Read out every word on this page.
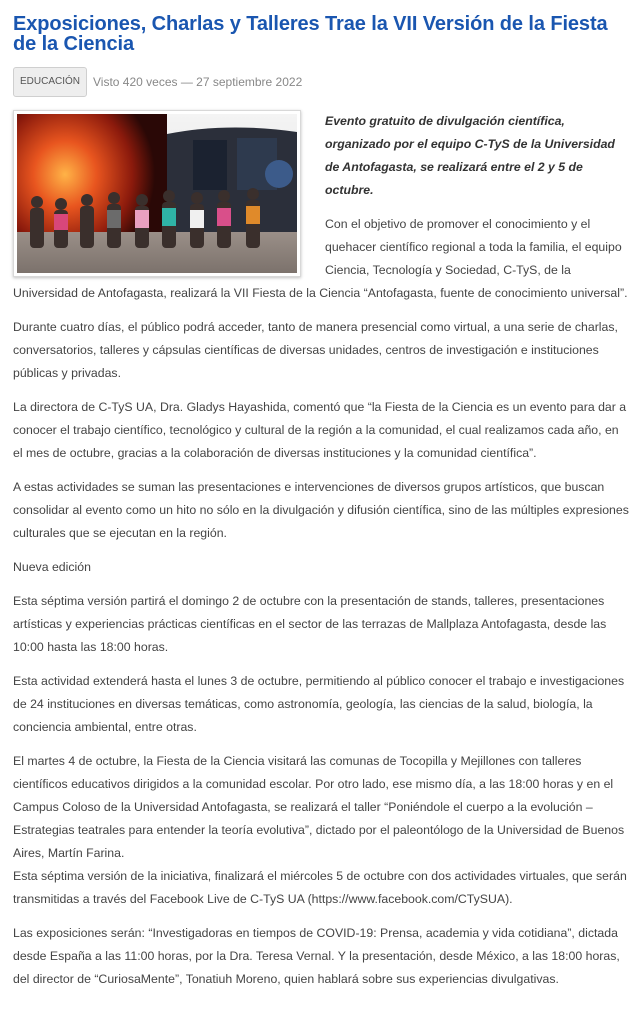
Exposiciones, Charlas y Talleres Trae la VII Versión de la Fiesta de la Ciencia
EDUCACIÓN	Visto 420 veces — 27 septiembre 2022

Evento gratuito de divulgación científica, organizado por el equipo C-TyS de la Universidad de Antofagasta, se realizará entre el 2 y 5 de octubre.

Con el objetivo de promover el conocimiento y el quehacer científico regional a toda la familia, el equipo Ciencia, Tecnología y Sociedad, C-TyS, de la Universidad de Antofagasta, realizará la VII Fiesta de la Ciencia “Antofagasta, fuente de conocimiento universal”.

Durante cuatro días, el público podrá acceder, tanto de manera presencial como virtual, a una serie de charlas, conversatorios, talleres y cápsulas científicas de diversas unidades, centros de investigación e instituciones públicas y privadas.

La directora de C-TyS UA, Dra. Gladys Hayashida, comentó que “la Fiesta de la Ciencia es un evento para dar a conocer el trabajo científico, tecnológico y cultural de la región a la comunidad, el cual realizamos cada año, en el mes de octubre, gracias a la colaboración de diversas instituciones y la comunidad científica”.

A estas actividades se suman las presentaciones e intervenciones de diversos grupos artísticos, que buscan consolidar al evento como un hito no sólo en la divulgación y difusión científica, sino de las múltiples expresiones culturales que se ejecutan en la región.

Nueva edición

Esta séptima versión partirá el domingo 2 de octubre con la presentación de stands, talleres, presentaciones artísticas y experiencias prácticas científicas en el sector de las terrazas de Mallplaza Antofagasta, desde las 10:00 hasta las 18:00 horas.

Esta actividad extenderá hasta el lunes 3 de octubre, permitiendo al público conocer el trabajo e investigaciones de 24 instituciones en diversas temáticas, como astronomía, geología, las ciencias de la salud, biología, la conciencia ambiental, entre otras.

El martes 4 de octubre, la Fiesta de la Ciencia visitará las comunas de Tocopilla y Mejillones con talleres científicos educativos dirigidos a la comunidad escolar. Por otro lado, ese mismo día, a las 18:00 horas y en el Campus Coloso de la Universidad Antofagasta, se realizará el taller “Poniéndole el cuerpo a la evolución – Estrategias teatrales para entender la teoría evolutiva”, dictado por el paleontólogo de la Universidad de Buenos Aires, Martín Farina.
Esta séptima versión de la iniciativa, finalizará el miércoles 5 de octubre con dos actividades virtuales, que serán transmitidas a través del Facebook Live de C-TyS UA (https://www.facebook.com/CTySUA).

Las exposiciones serán: “Investigadoras en tiempos de COVID-19: Prensa, academia y vida cotidiana”, dictada desde España a las 11:00 horas, por la Dra. Teresa Vernal. Y la presentación, desde México, a las 18:00 horas, del director de “CuriosaMente”, Tonatiuh Moreno, quien hablará sobre sus experiencias divulgativas.
